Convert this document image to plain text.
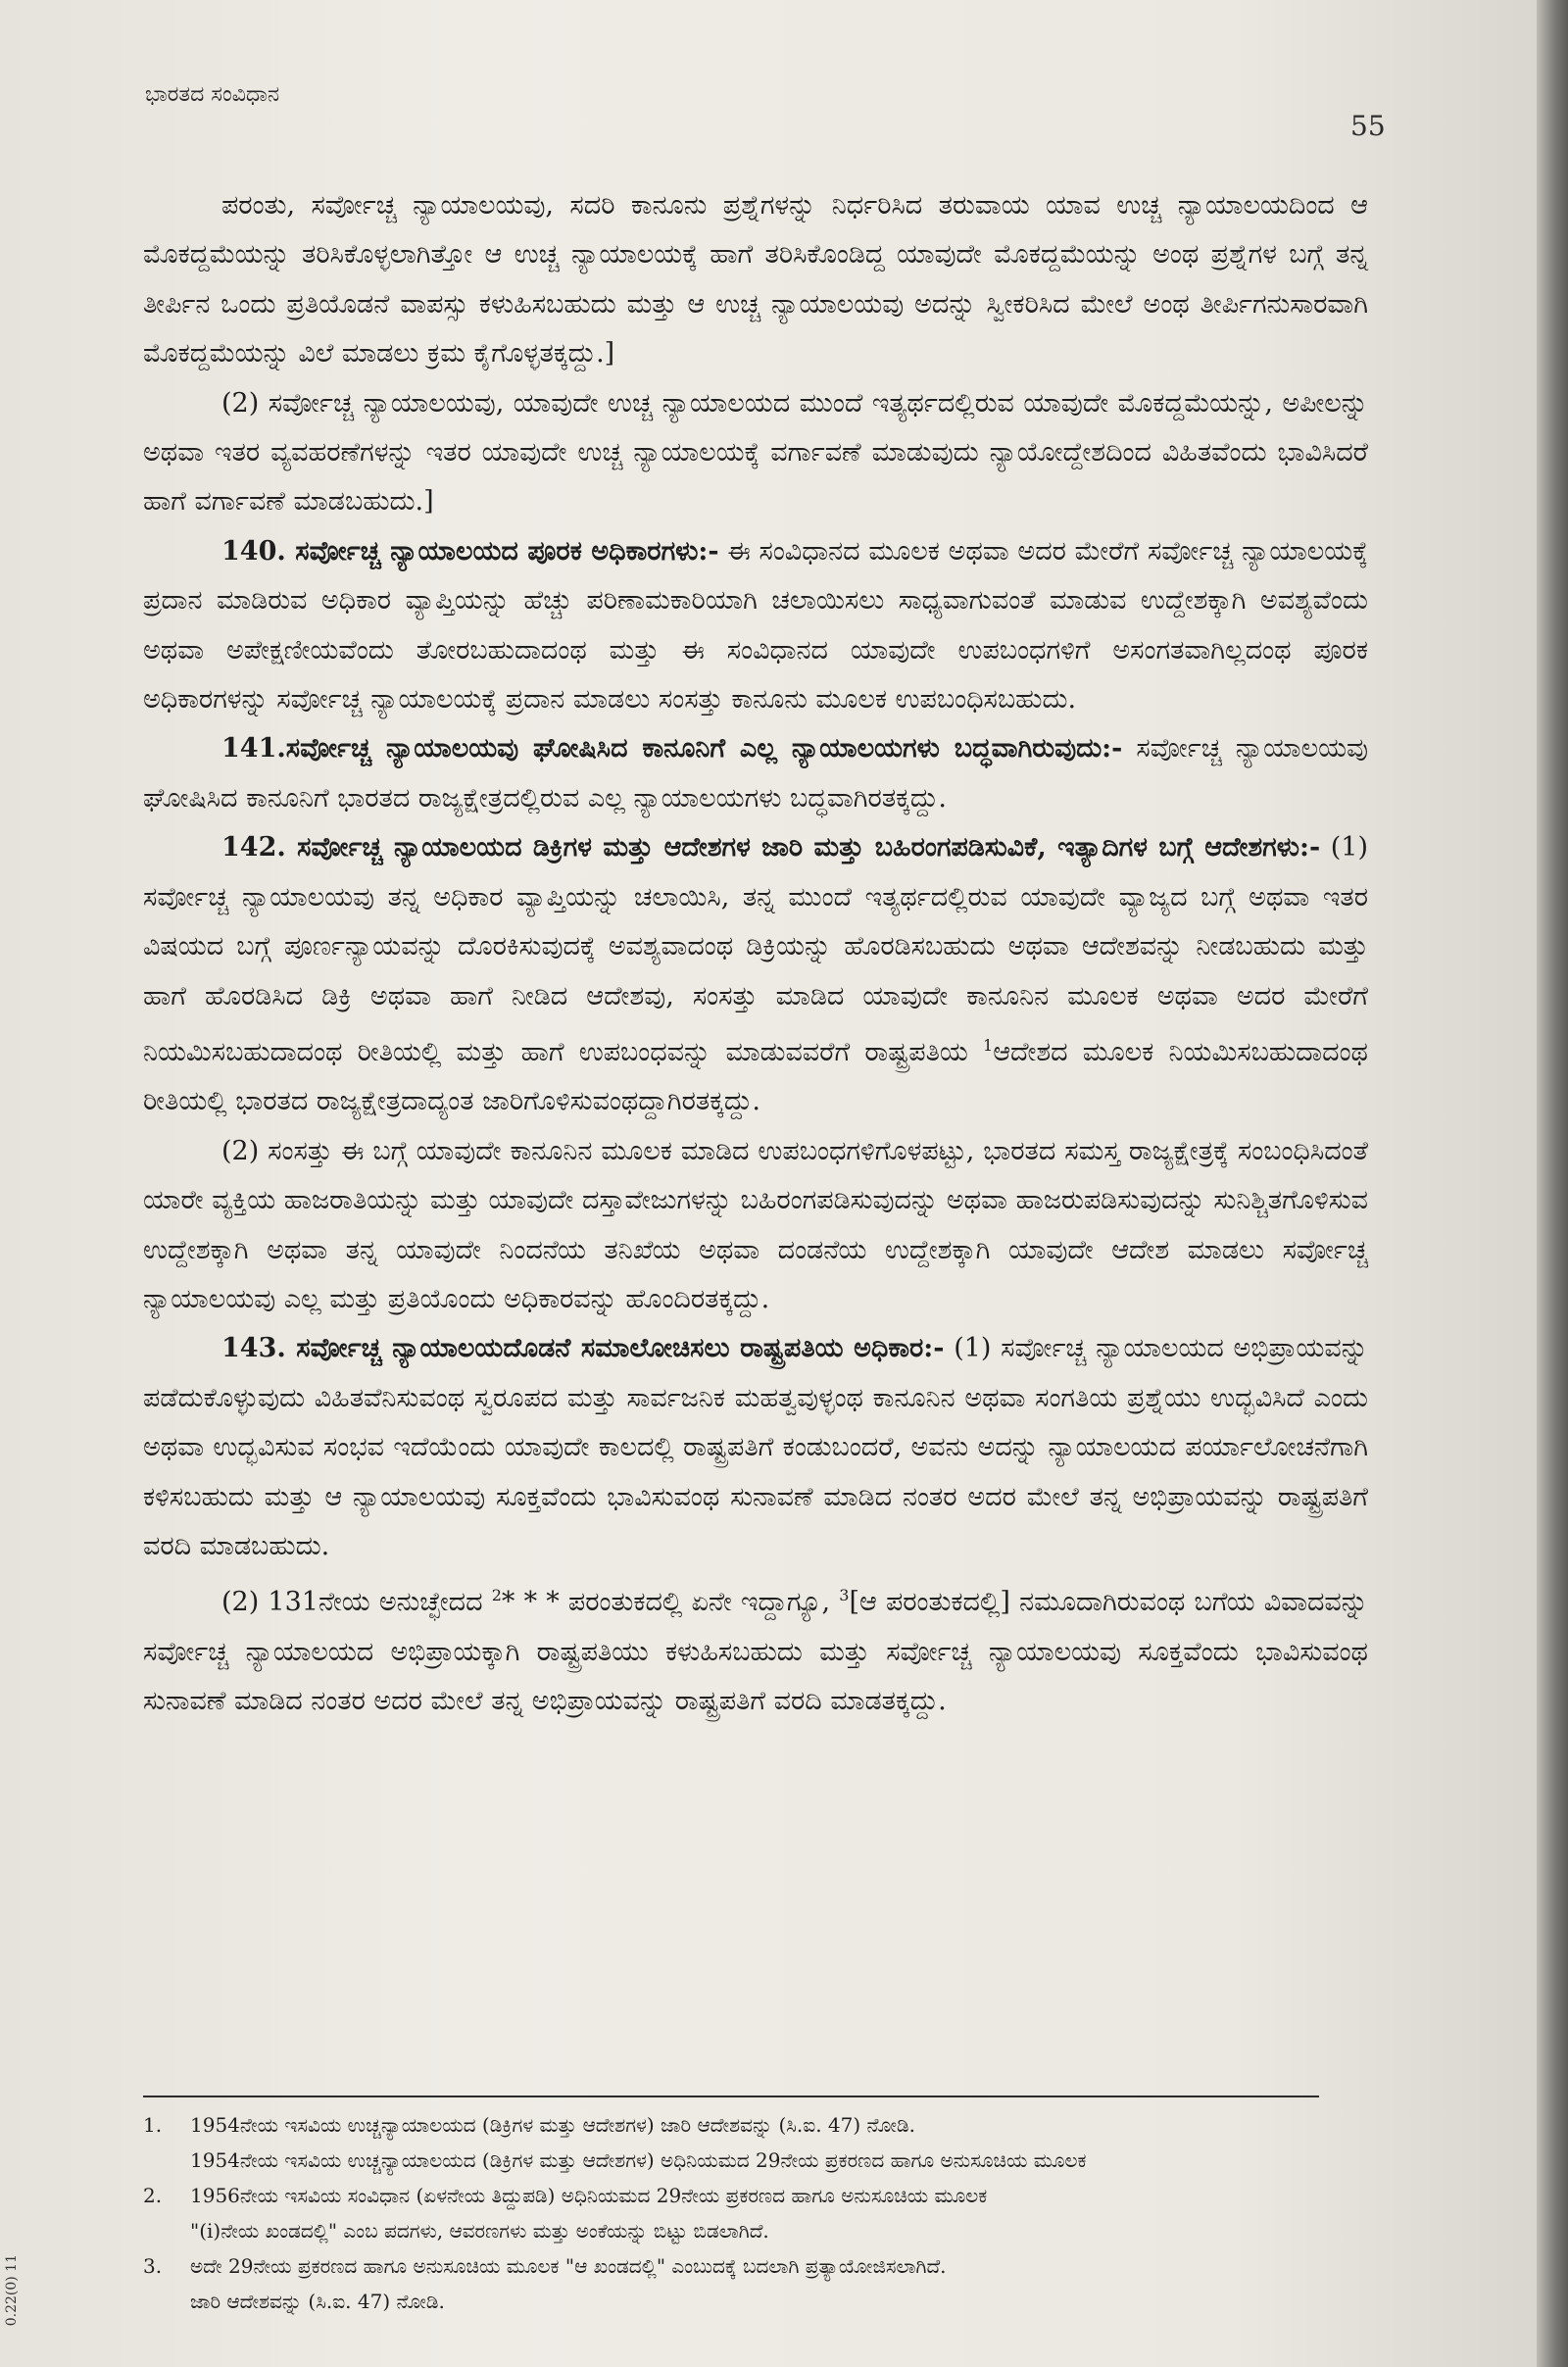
ಭಾರತದ ಸಂವಿಧಾನ
55

ಪರಂತು, ಸರ್ವೋಚ್ಚ ನ್ಯಾಯಾಲಯವು, ಸದರಿ ಕಾನೂನು ಪ್ರಶ್ನೆಗಳನ್ನು ನಿರ್ಧರಿಸಿದ ತರುವಾಯ ಯಾವ ಉಚ್ಚ ನ್ಯಾಯಾಲಯದಿಂದ ಆ ಮೊಕದ್ದಮೆಯನ್ನು ತರಿಸಿಕೊಳ್ಳಲಾಗಿತ್ತೋ ಆ ಉಚ್ಚ ನ್ಯಾಯಾಲಯಕ್ಕೆ ಹಾಗೆ ತರಿಸಿಕೊಂಡಿದ್ದ ಯಾವುದೇ ಮೊಕದ್ದಮೆಯನ್ನು ಅಂಥ ಪ್ರಶ್ನೆಗಳ ಬಗ್ಗೆ ತನ್ನ ತೀರ್ಪಿನ ಒಂದು ಪ್ರತಿಯೊಡನೆ ವಾಪಸ್ಸು ಕಳುಹಿಸಬಹುದು ಮತ್ತು ಆ ಉಚ್ಚ ನ್ಯಾಯಾಲಯವು ಅದನ್ನು ಸ್ವೀಕರಿಸಿದ ಮೇಲೆ ಅಂಥ ತೀರ್ಪಿಗನುಸಾರವಾಗಿ ಮೊಕದ್ದಮೆಯನ್ನು ವಿಲೆ ಮಾಡಲು ಕ್ರಮ ಕೈಗೊಳ್ಳತಕ್ಕದ್ದು.]

(2) ಸರ್ವೋಚ್ಚ ನ್ಯಾಯಾಲಯವು, ಯಾವುದೇ ಉಚ್ಚ ನ್ಯಾಯಾಲಯದ ಮುಂದೆ ಇತ್ಯರ್ಥದಲ್ಲಿರುವ ಯಾವುದೇ ಮೊಕದ್ದಮೆಯನ್ನು, ಅಪೀಲನ್ನು ಅಥವಾ ಇತರ ವ್ಯವಹರಣೆಗಳನ್ನು ಇತರ ಯಾವುದೇ ಉಚ್ಚ ನ್ಯಾಯಾಲಯಕ್ಕೆ ವರ್ಗಾವಣೆ ಮಾಡುವುದು ನ್ಯಾಯೋದ್ದೇಶದಿಂದ ವಿಹಿತವೆಂದು ಭಾವಿಸಿದರೆ ಹಾಗೆ ವರ್ಗಾವಣೆ ಮಾಡಬಹುದು.]

140. ಸರ್ವೋಚ್ಚ ನ್ಯಾಯಾಲಯದ ಪೂರಕ ಅಧಿಕಾರಗಳು:- ಈ ಸಂವಿಧಾನದ ಮೂಲಕ ಅಥವಾ ಅದರ ಮೇರೆಗೆ ಸರ್ವೋಚ್ಚ ನ್ಯಾಯಾಲಯಕ್ಕೆ ಪ್ರದಾನ ಮಾಡಿರುವ ಅಧಿಕಾರ ವ್ಯಾಪ್ತಿಯನ್ನು ಹೆಚ್ಚು ಪರಿಣಾಮಕಾರಿಯಾಗಿ ಚಲಾಯಿಸಲು ಸಾಧ್ಯವಾಗುವಂತೆ ಮಾಡುವ ಉದ್ದೇಶಕ್ಕಾಗಿ ಅವಶ್ಯವೆಂದು ಅಥವಾ ಅಪೇಕ್ಷಣೀಯವೆಂದು ತೋರಬಹುದಾದಂಥ ಮತ್ತು ಈ ಸಂವಿಧಾನದ ಯಾವುದೇ ಉಪಬಂಧಗಳಿಗೆ ಅಸಂಗತವಾಗಿಲ್ಲದಂಥ ಪೂರಕ ಅಧಿಕಾರಗಳನ್ನು ಸರ್ವೋಚ್ಚ ನ್ಯಾಯಾಲಯಕ್ಕೆ ಪ್ರದಾನ ಮಾಡಲು ಸಂಸತ್ತು ಕಾನೂನು ಮೂಲಕ ಉಪಬಂಧಿಸಬಹುದು.

141.ಸರ್ವೋಚ್ಚ ನ್ಯಾಯಾಲಯವು ಘೋಷಿಸಿದ ಕಾನೂನಿಗೆ ಎಲ್ಲ ನ್ಯಾಯಾಲಯಗಳು ಬದ್ಧವಾಗಿರುವುದು:- ಸರ್ವೋಚ್ಚ ನ್ಯಾಯಾಲಯವು ಘೋಷಿಸಿದ ಕಾನೂನಿಗೆ ಭಾರತದ ರಾಜ್ಯಕ್ಷೇತ್ರದಲ್ಲಿರುವ ಎಲ್ಲ ನ್ಯಾಯಾಲಯಗಳು ಬದ್ಧವಾಗಿರತಕ್ಕದ್ದು.

142. ಸರ್ವೋಚ್ಚ ನ್ಯಾಯಾಲಯದ ಡಿಕ್ರಿಗಳ ಮತ್ತು ಆದೇಶಗಳ ಜಾರಿ ಮತ್ತು ಬಹಿರಂಗಪಡಿಸುವಿಕೆ, ಇತ್ಯಾದಿಗಳ ಬಗ್ಗೆ ಆದೇಶಗಳು:- (1) ಸರ್ವೋಚ್ಚ ನ್ಯಾಯಾಲಯವು ತನ್ನ ಅಧಿಕಾರ ವ್ಯಾಪ್ತಿಯನ್ನು ಚಲಾಯಿಸಿ, ತನ್ನ ಮುಂದೆ ಇತ್ಯರ್ಥದಲ್ಲಿರುವ ಯಾವುದೇ ವ್ಯಾಜ್ಯದ ಬಗ್ಗೆ ಅಥವಾ ಇತರ ವಿಷಯದ ಬಗ್ಗೆ ಪೂರ್ಣನ್ಯಾಯವನ್ನು ದೊರಕಿಸುವುದಕ್ಕೆ ಅವಶ್ಯವಾದಂಥ ಡಿಕ್ರಿಯನ್ನು ಹೊರಡಿಸಬಹುದು ಅಥವಾ ಆದೇಶವನ್ನು ನೀಡಬಹುದು ಮತ್ತು ಹಾಗೆ ಹೊರಡಿಸಿದ ಡಿಕ್ರಿ ಅಥವಾ ಹಾಗೆ ನೀಡಿದ ಆದೇಶವು, ಸಂಸತ್ತು ಮಾಡಿದ ಯಾವುದೇ ಕಾನೂನಿನ ಮೂಲಕ ಅಥವಾ ಅದರ ಮೇರೆಗೆ ನಿಯಮಿಸಬಹುದಾದಂಥ ರೀತಿಯಲ್ಲಿ ಮತ್ತು ಹಾಗೆ ಉಪಬಂಧವನ್ನು ಮಾಡುವವರೆಗೆ ರಾಷ್ಟ್ರಪತಿಯ $^1$ಆದೇಶದ ಮೂಲಕ ನಿಯಮಿಸಬಹುದಾದಂಥ ರೀತಿಯಲ್ಲಿ ಭಾರತದ ರಾಜ್ಯಕ್ಷೇತ್ರದಾದ್ಯಂತ ಜಾರಿಗೊಳಿಸುವಂಥದ್ದಾಗಿರತಕ್ಕದ್ದು.

(2) ಸಂಸತ್ತು ಈ ಬಗ್ಗೆ ಯಾವುದೇ ಕಾನೂನಿನ ಮೂಲಕ ಮಾಡಿದ ಉಪಬಂಧಗಳಿಗೊಳಪಟ್ಟು, ಭಾರತದ ಸಮಸ್ತ ರಾಜ್ಯಕ್ಷೇತ್ರಕ್ಕೆ ಸಂಬಂಧಿಸಿದಂತೆ ಯಾರೇ ವ್ಯಕ್ತಿಯ ಹಾಜರಾತಿಯನ್ನು ಮತ್ತು ಯಾವುದೇ ದಸ್ತಾವೇಜುಗಳನ್ನು ಬಹಿರಂಗಪಡಿಸುವುದನ್ನು ಅಥವಾ ಹಾಜರುಪಡಿಸುವುದನ್ನು ಸುನಿಶ್ಚಿತಗೊಳಿಸುವ ಉದ್ದೇಶಕ್ಕಾಗಿ ಅಥವಾ ತನ್ನ ಯಾವುದೇ ನಿಂದನೆಯ ತನಿಖೆಯ ಅಥವಾ ದಂಡನೆಯ ಉದ್ದೇಶಕ್ಕಾಗಿ ಯಾವುದೇ ಆದೇಶ ಮಾಡಲು ಸರ್ವೋಚ್ಚ ನ್ಯಾಯಾಲಯವು ಎಲ್ಲ ಮತ್ತು ಪ್ರತಿಯೊಂದು ಅಧಿಕಾರವನ್ನು ಹೊಂದಿರತಕ್ಕದ್ದು.

143. ಸರ್ವೋಚ್ಚ ನ್ಯಾಯಾಲಯದೊಡನೆ ಸಮಾಲೋಚಿಸಲು ರಾಷ್ಟ್ರಪತಿಯ ಅಧಿಕಾರ:- (1) ಸರ್ವೋಚ್ಚ ನ್ಯಾಯಾಲಯದ ಅಭಿಪ್ರಾಯವನ್ನು ಪಡೆದುಕೊಳ್ಳುವುದು ವಿಹಿತವೆನಿಸುವಂಥ ಸ್ವರೂಪದ ಮತ್ತು ಸಾರ್ವಜನಿಕ ಮಹತ್ವವುಳ್ಳಂಥ ಕಾನೂನಿನ ಅಥವಾ ಸಂಗತಿಯ ಪ್ರಶ್ನೆಯು ಉದ್ಭವಿಸಿದೆ ಎಂದು ಅಥವಾ ಉದ್ಭವಿಸುವ ಸಂಭವ ಇದೆಯೆಂದು ಯಾವುದೇ ಕಾಲದಲ್ಲಿ ರಾಷ್ಟ್ರಪತಿಗೆ ಕಂಡುಬಂದರೆ, ಅವನು ಅದನ್ನು ನ್ಯಾಯಾಲಯದ ಪರ್ಯಾಲೋಚನೆಗಾಗಿ ಕಳಿಸಬಹುದು ಮತ್ತು ಆ ನ್ಯಾಯಾಲಯವು ಸೂಕ್ತವೆಂದು ಭಾವಿಸುವಂಥ ಸುನಾವಣೆ ಮಾಡಿದ ನಂತರ ಅದರ ಮೇಲೆ ತನ್ನ ಅಭಿಪ್ರಾಯವನ್ನು ರಾಷ್ಟ್ರಪತಿಗೆ ವರದಿ ಮಾಡಬಹುದು.

(2) 131ನೇಯ ಅನುಚ್ಛೇದದ $^2$* * * ಪರಂತುಕದಲ್ಲಿ ಏನೇ ಇದ್ದಾಗ್ಯೂ, $^3$[ಆ ಪರಂತುಕದಲ್ಲಿ] ನಮೂದಾಗಿರುವಂಥ ಬಗೆಯ ವಿವಾದವನ್ನು ಸರ್ವೋಚ್ಚ ನ್ಯಾಯಾಲಯದ ಅಭಿಪ್ರಾಯಕ್ಕಾಗಿ ರಾಷ್ಟ್ರಪತಿಯು ಕಳುಹಿಸಬಹುದು ಮತ್ತು ಸರ್ವೋಚ್ಚ ನ್ಯಾಯಾಲಯವು ಸೂಕ್ತವೆಂದು ಭಾವಿಸುವಂಥ ಸುನಾವಣೆ ಮಾಡಿದ ನಂತರ ಅದರ ಮೇಲೆ ತನ್ನ ಅಭಿಪ್ರಾಯವನ್ನು ರಾಷ್ಟ್ರಪತಿಗೆ ವರದಿ ಮಾಡತಕ್ಕದ್ದು.

1. 1954ನೇಯ ಇಸವಿಯ ಉಚ್ಚನ್ಯಾಯಾಲಯದ (ಡಿಕ್ರಿಗಳ ಮತ್ತು ಆದೇಶಗಳ) ಜಾರಿ ಆದೇಶವನ್ನು (ಸಿ.ಐ. 47) ನೋಡಿ.
1954ನೇಯ ಇಸವಿಯ ಉಚ್ಚನ್ಯಾಯಾಲಯದ (ಡಿಕ್ರಿಗಳ ಮತ್ತು ಆದೇಶಗಳ) ಅಧಿನಿಯಮದ 29ನೇಯ ಪ್ರಕರಣದ ಹಾಗೂ ಅನುಸೂಚಿಯ ಮೂಲಕ
2. 1956ನೇಯ ಇಸವಿಯ ಸಂವಿಧಾನ (ಏಳನೇಯ ತಿದ್ದುಪಡಿ) ಅಧಿನಿಯಮದ 29ನೇಯ ಪ್ರಕರಣದ ಹಾಗೂ ಅನುಸೂಚಿಯ ಮೂಲಕ
"(i)ನೇಯ ಖಂಡದಲ್ಲಿ" ಎಂಬ ಪದಗಳು, ಆವರಣಗಳು ಮತ್ತು ಅಂಕೆಯನ್ನು ಬಿಟ್ಟು ಬಿಡಲಾಗಿದೆ.
3. ಅದೇ 29ನೇಯ ಪ್ರಕರಣದ ಹಾಗೂ ಅನುಸೂಚಿಯ ಮೂಲಕ "ಆ ಖಂಡದಲ್ಲಿ" ಎಂಬುದಕ್ಕೆ ಬದಲಾಗಿ ಪ್ರತ್ಯಾಯೋಜಿಸಲಾಗಿದೆ.
ಜಾರಿ ಆದೇಶವನ್ನು (ಸಿ.ಐ. 47) ನೋಡಿ.
0.22(0) 11
